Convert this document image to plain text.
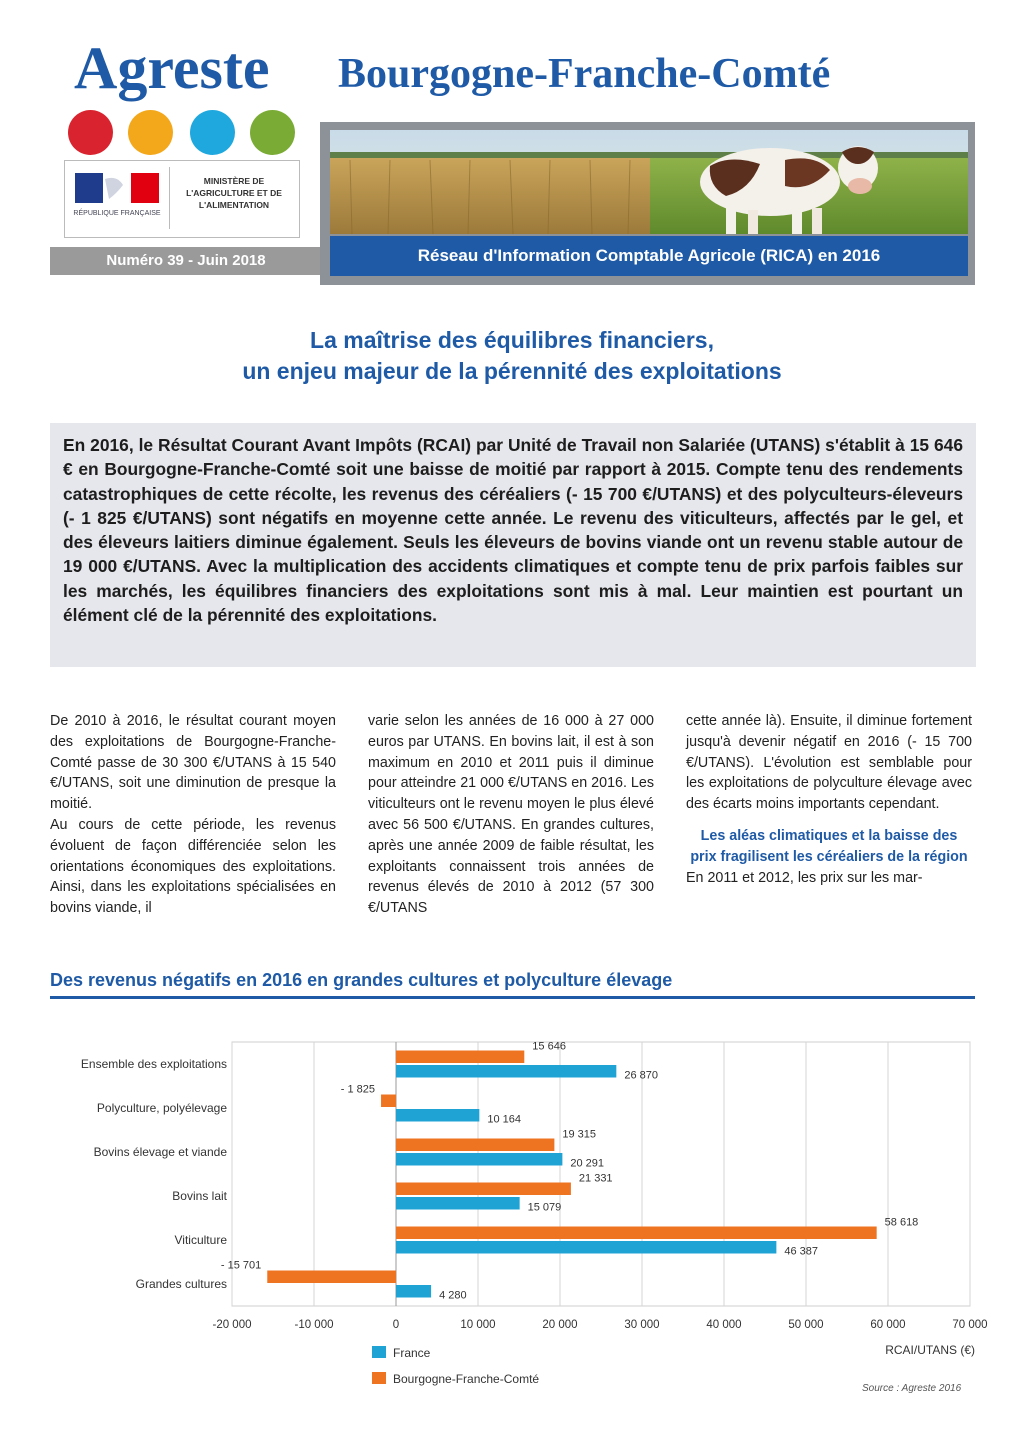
Agreste Bourgogne-Franche-Comté
RÉPUBLIQUE FRANÇAISE
MINISTÈRE DE L'AGRICULTURE ET DE L'ALIMENTATION
Numéro 39 - Juin 2018	Réseau d'Information Comptable Agricole (RICA) en 2016
La maîtrise des équilibres financiers,
un enjeu majeur de la pérennité des exploitations

En 2016, le Résultat Courant Avant Impôts (RCAI) par Unité de Travail non Salariée (UTANS) s'établit à 15 646 € en Bourgogne-Franche-Comté soit une baisse de moitié par rapport à 2015. Compte tenu des rendements catastrophiques de cette récolte, les revenus des céréaliers (- 15 700 €/UTANS) et des polyculteurs-éleveurs (- 1 825 €/UTANS) sont négatifs en moyenne cette année. Le revenu des viticulteurs, affectés par le gel, et des éleveurs laitiers diminue également. Seuls les éleveurs de bovins viande ont un revenu stable autour de 19 000 €/UTANS. Avec la multiplication des accidents climatiques et compte tenu de prix parfois faibles sur les marchés, les équilibres financiers des exploitations sont mis à mal. Leur maintien est pourtant un élément clé de la pérennité des exploitations.

De 2010 à 2016, le résultat courant moyen des exploitations de Bourgogne-Franche-Comté passe de 30 300 €/UTANS à 15 540 €/UTANS, soit une diminution de presque la moitié.

Au cours de cette période, les revenus évoluent de façon différenciée selon les orientations économiques des exploitations. Ainsi, dans les exploitations spécialisées en bovins viande, il

varie selon les années de 16 000 à 27 000 euros par UTANS. En bovins lait, il est à son maximum en 2010 et 2011 puis il diminue pour atteindre 21 000 €/UTANS en 2016. Les viticulteurs ont le revenu moyen le plus élevé avec 56 500 €/UTANS. En grandes cultures, après une année 2009 de faible résultat, les exploitants connaissent trois années de revenus élevés de 2010 à 2012 (57 300 €/UTANS

cette année là). Ensuite, il diminue fortement jusqu'à devenir négatif en 2016 (- 15 700 €/UTANS). L'évolution est semblable pour les exploitations de polyculture élevage avec des écarts moins importants cependant.

Les aléas climatiques et la baisse des prix fragilisent les céréaliers de la région

En 2011 et 2012, les prix sur les mar-

Des revenus négatifs en 2016 en grandes cultures et polyculture élevage
-20 000	-10 000	0	10 000	20 000	30 000	40 000	50 000	60 000	70 000
Ensemble des exploitations
15 646
26 870
Polyculture, polyélevage
- 1 825
10 164
Bovins élevage et viande
19 315
20 291
Bovins lait
21 331
15 079
Viticulture
58 618
46 387
Grandes cultures
- 15 701
4 280
RCAI/UTANS (€)
France
Bourgogne-Franche-Comté
Source : Agreste 2016
